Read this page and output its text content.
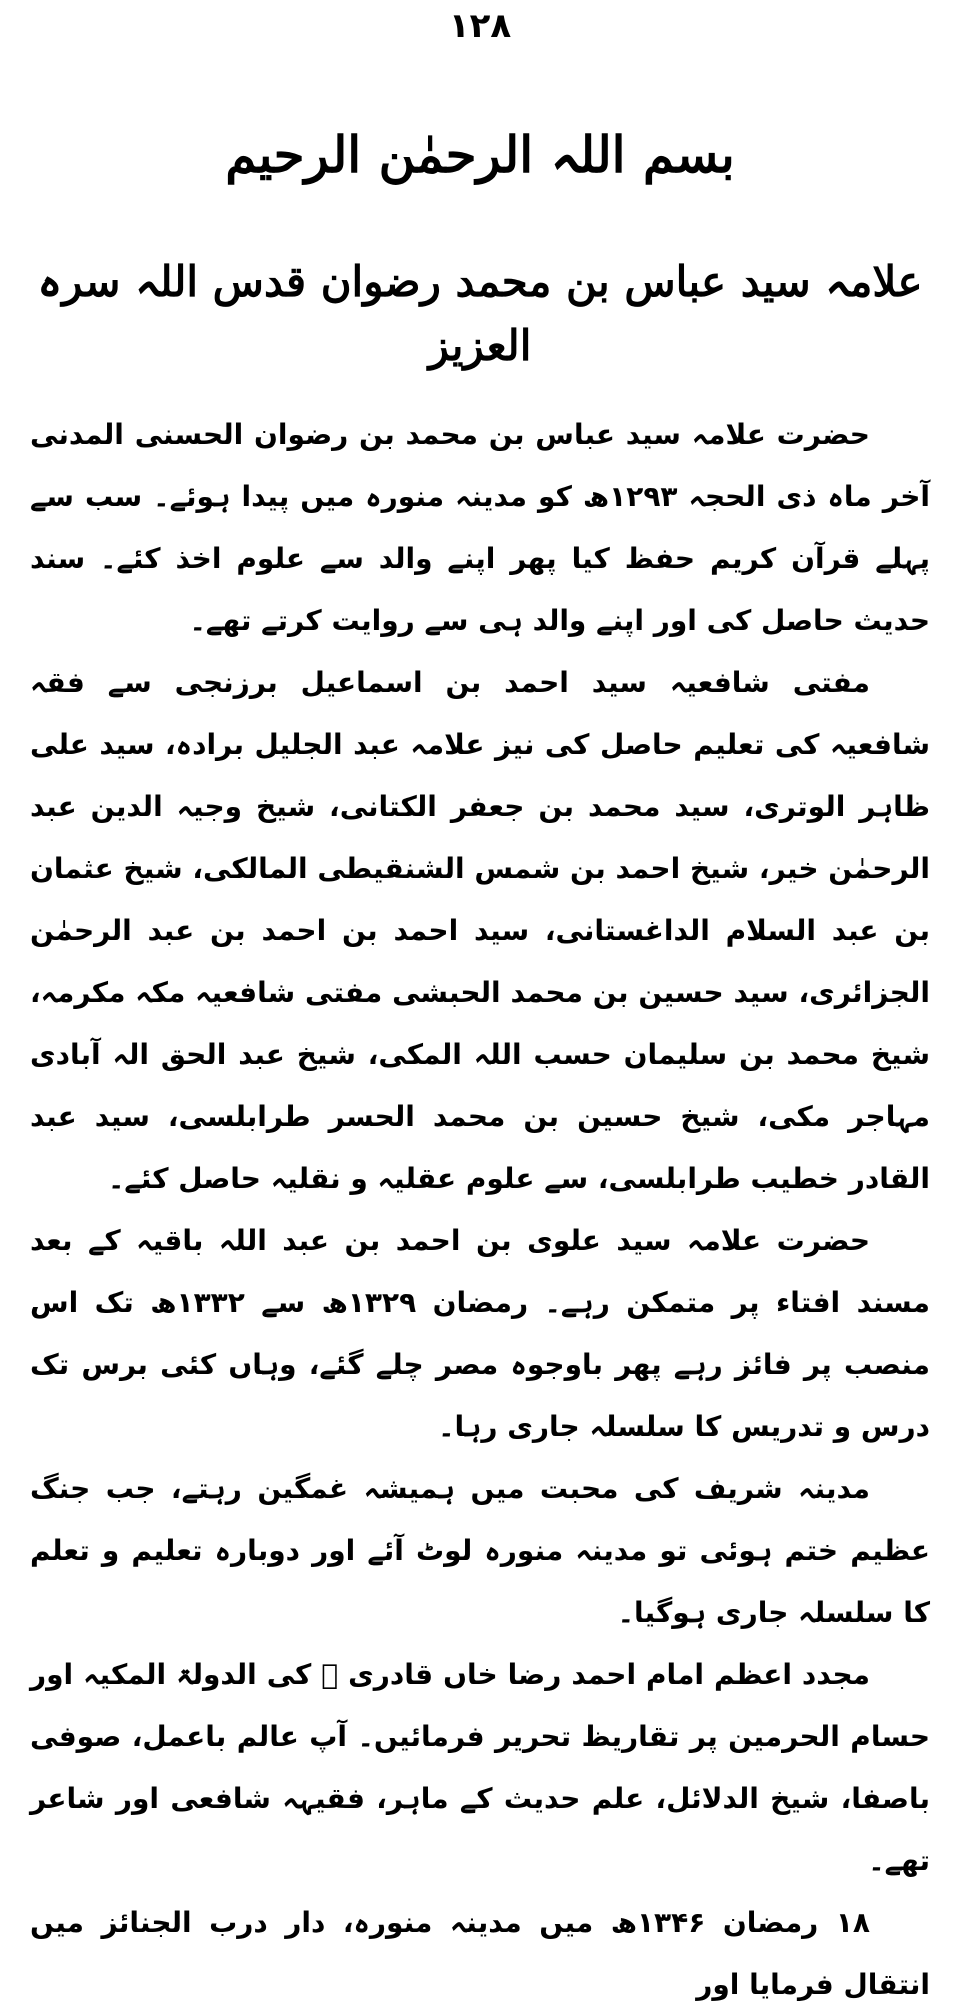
۱۲۸
بسم اللہ الرحمٰن الرحیم
علامہ سید عباس بن محمد رضوان قدس اللہ سرہ العزیز

حضرت علامہ سید عباس بن محمد بن رضوان الحسنی المدنی آخر ماہ ذی الحجہ ۱۲۹۳ھ کو مدینہ منورہ میں پیدا ہوئے۔ سب سے پہلے قرآن کریم حفظ کیا پھر اپنے والد سے علوم اخذ کئے۔ سند حدیث حاصل کی اور اپنے والد ہی سے روایت کرتے تھے۔

مفتی شافعیہ سید احمد بن اسماعیل برزنجی سے فقہ شافعیہ کی تعلیم حاصل کی نیز علامہ عبد الجلیل برادہ، سید علی ظاہر الوتری، سید محمد بن جعفر الکتانی، شیخ وجیہ الدین عبد الرحمٰن خیر، شیخ احمد بن شمس الشنقیطی المالکی، شیخ عثمان بن عبد السلام الداغستانی، سید احمد بن احمد بن عبد الرحمٰن الجزائری، سید حسین بن محمد الحبشی مفتی شافعیہ مکہ مکرمہ، شیخ محمد بن سلیمان حسب اللہ المکی، شیخ عبد الحق الہ آبادی مہاجر مکی، شیخ حسین بن محمد الحسر طرابلسی، سید عبد القادر خطیب طرابلسی، سے علوم عقلیہ و نقلیہ حاصل کئے۔

حضرت علامہ سید علوی بن احمد بن عبد اللہ باقیہ کے بعد مسند افتاء پر متمکن رہے۔ رمضان ۱۳۲۹ھ سے ۱۳۳۲ھ تک اس منصب پر فائز رہے پھر باوجوہ مصر چلے گئے، وہاں کئی برس تک درس و تدریس کا سلسلہ جاری رہا۔

مدینہ شریف کی محبت میں ہمیشہ غمگین رہتے، جب جنگ عظیم ختم ہوئی تو مدینہ منورہ لوٹ آئے اور دوبارہ تعلیم و تعلم کا سلسلہ جاری ہوگیا۔

مجدد اعظم امام احمد رضا خاں قادری ﷫ کی الدولۃ المکیہ اور حسام الحرمین پر تقاریظ تحریر فرمائیں۔ آپ عالم باعمل، صوفی باصفا، شیخ الدلائل، علم حدیث کے ماہر، فقیہہ شافعی اور شاعر تھے۔

۱۸ رمضان ۱۳۴۶ھ میں مدینہ منورہ، دار درب الجنائز میں انتقال فرمایا اور
